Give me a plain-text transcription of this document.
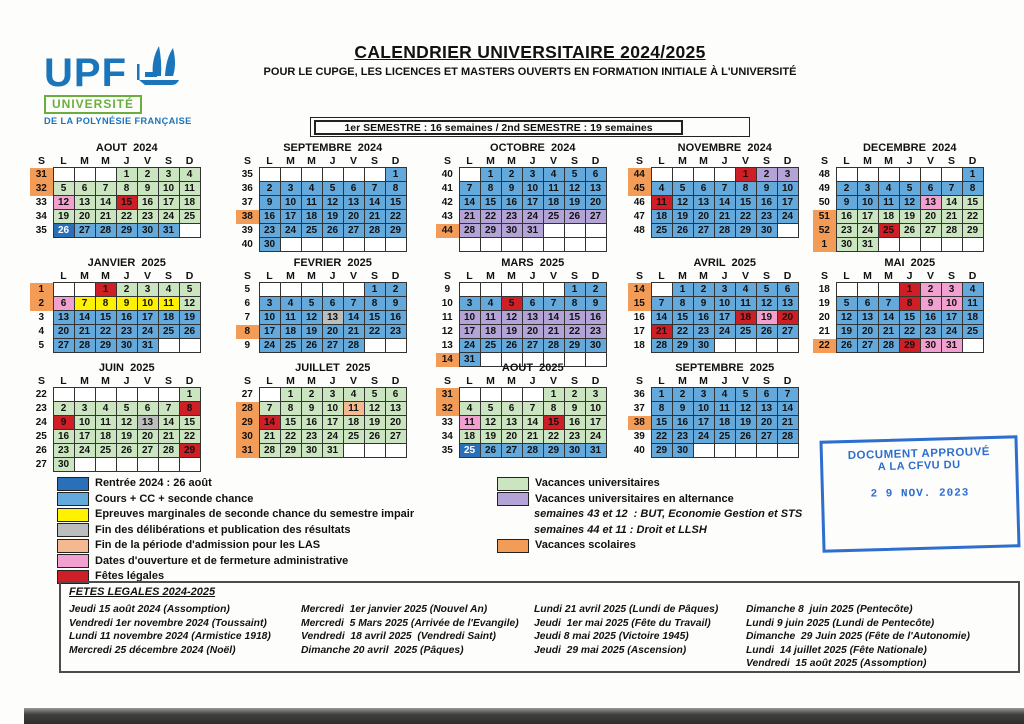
UPF
UNIVERSITÉ
DE LA POLYNÉSIE FRANÇAISE
CALENDRIER UNIVERSITAIRE 2024/2025
POUR LE CUPGE, LES LICENCES ET MASTERS OUVERTS EN FORMATION INITIALE À L'UNIVERSITÉ
1er SEMESTRE : 16 semaines / 2nd SEMESTRE : 19 semaines
AOUT  2024
S	L	M	M	J	V	S	D
31				1	2	3	4
32	5	6	7	8	9	10	11
33	12	13	14	15	16	17	18
34	19	20	21	22	23	24	25
35	26	27	28	29	30	31	
SEPTEMBRE  2024
S	L	M	M	J	V	S	D
35							1
36	2	3	4	5	6	7	8
37	9	10	11	12	13	14	15
38	16	17	18	19	20	21	22
39	23	24	25	26	27	28	29
40	30						
OCTOBRE  2024
S	L	M	M	J	V	S	D
40		1	2	3	4	5	6
41	7	8	9	10	11	12	13
42	14	15	16	17	18	19	20
43	21	22	23	24	25	26	27
44	28	29	30	31			

NOVEMBRE  2024
S	L	M	M	J	V	S	D
44					1	2	3
45	4	5	6	7	8	9	10
46	11	12	13	14	15	16	17
47	18	19	20	21	22	23	24
48	25	26	27	28	29	30	
DECEMBRE  2024
S	L	M	M	J	V	S	D
48							1
49	2	3	4	5	6	7	8
50	9	10	11	12	13	14	15
51	16	17	18	19	20	21	22
52	23	24	25	26	27	28	29
1	30	31					
JANVIER  2025
	L	M	M	J	V	S	D
1			1	2	3	4	5
2	6	7	8	9	10	11	12
3	13	14	15	16	17	18	19
4	20	21	22	23	24	25	26
5	27	28	29	30	31		
FEVRIER  2025
S	L	M	M	J	V	S	D
5						1	2
6	3	4	5	6	7	8	9
7	10	11	12	13	14	15	16
8	17	18	19	20	21	22	23
9	24	25	26	27	28		
MARS  2025
S	L	M	M	J	V	S	D
9						1	2
10	3	4	5	6	7	8	9
11	10	11	12	13	14	15	16
12	17	18	19	20	21	22	23
13	24	25	26	27	28	29	30
14	31						
AVRIL  2025
S	L	M	M	J	V	S	D
14		1	2	3	4	5	6
15	7	8	9	10	11	12	13
16	14	15	16	17	18	19	20
17	21	22	23	24	25	26	27
18	28	29	30				
MAI  2025
S	L	M	M	J	V	S	D
18				1	2	3	4
19	5	6	7	8	9	10	11
20	12	13	14	15	16	17	18
21	19	20	21	22	23	24	25
22	26	27	28	29	30	31	
JUIN  2025
S	L	M	M	J	V	S	D
22							1
23	2	3	4	5	6	7	8
24	9	10	11	12	13	14	15
25	16	17	18	19	20	21	22
26	23	24	25	26	27	28	29
27	30						
JUILLET  2025
S	L	M	M	J	V	S	D
27		1	2	3	4	5	6
28	7	8	9	10	11	12	13
29	14	15	16	17	18	19	20
30	21	22	23	24	25	26	27
31	28	29	30	31			
AOUT  2025
S	L	M	M	J	V	S	D
31					1	2	3
32	4	5	6	7	8	9	10
33	11	12	13	14	15	16	17
34	18	19	20	21	22	23	24
35	25	26	27	28	29	30	31
SEPTEMBRE  2025
S	L	M	M	J	V	S	D
36	1	2	3	4	5	6	7
37	8	9	10	11	12	13	14
38	15	16	17	18	19	20	21
39	22	23	24	25	26	27	28
40	29	30					
Rentrée 2024 : 26 août
Cours + CC + seconde chance
Epreuves marginales de seconde chance du semestre impair
Fin des délibérations et publication des résultats
Fin de la période d'admission pour les LAS
Dates d'ouverture et de fermeture administrative
Fêtes légales
Vacances universitaires
Vacances universitaires en alternance
semaines 43 et 12  : BUT, Economie Gestion et STS
semaines 44 et 11 : Droit et LLSH
Vacances scolaires
DOCUMENT APPROUVÉ
A LA CFVU DU
2 9 NOV. 2023
FETES LEGALES 2024-2025
Jeudi 15 août 2024 (Assomption)
Vendredi 1er novembre 2024 (Toussaint)
Lundi 11 novembre 2024 (Armistice 1918)
Mercredi 25 décembre 2024 (Noël)
Mercredi  1er janvier 2025 (Nouvel An)
Mercredi  5 Mars 2025 (Arrivée de l'Evangile)
Vendredi  18 avril 2025  (Vendredi Saint)
Dimanche 20 avril  2025 (Pâques)
Lundi 21 avril 2025 (Lundi de Pâques)
Jeudi  1er mai 2025 (Fête du Travail)
Jeudi 8 mai 2025 (Victoire 1945)
Jeudi  29 mai 2025 (Ascension)
Dimanche 8  juin 2025 (Pentecôte)
Lundi 9 juin 2025 (Lundi de Pentecôte)
Dimanche  29 Juin 2025 (Fête de l'Autonomie)
Lundi  14 juillet 2025 (Fête Nationale)
Vendredi  15 août 2025 (Assomption)
